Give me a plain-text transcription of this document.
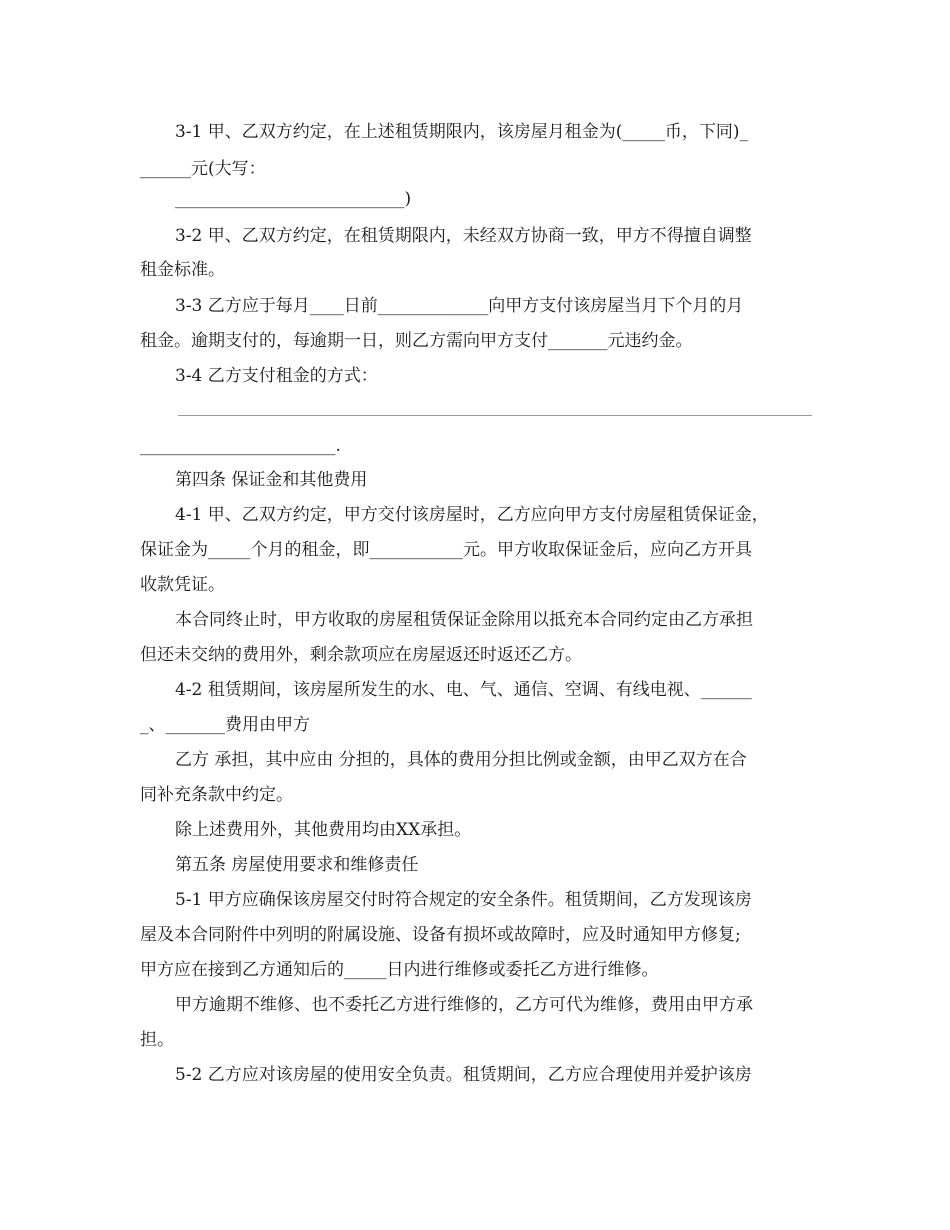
3-1 甲、乙双方约定，在上述租赁期限内，该房屋月租金为(_____币，下同)_

______元(大写：

___________________________)

3-2 甲、乙双方约定，在租赁期限内，未经双方协商一致，甲方不得擅自调整

租金标准。

3-3 乙方应于每月____日前_____________向甲方支付该房屋当月下个月的月

租金。逾期支付的，每逾期一日，则乙方需向甲方支付_______元违约金。

3-4 乙方支付租金的方式：

_______________________.

第四条 保证金和其他费用

4-1 甲、乙双方约定，甲方交付该房屋时，乙方应向甲方支付房屋租赁保证金，

保证金为_____个月的租金，即___________元。甲方收取保证金后，应向乙方开具

收款凭证。

本合同终止时，甲方收取的房屋租赁保证金除用以抵充本合同约定由乙方承担

但还未交纳的费用外，剩余款项应在房屋返还时返还乙方。

4-2 租赁期间，该房屋所发生的水、电、气、通信、空调、有线电视、______

_、_______费用由甲方

乙方 承担，其中应由 分担的，具体的费用分担比例或金额，由甲乙双方在合

同补充条款中约定。

除上述费用外，其他费用均由XX承担。

第五条 房屋使用要求和维修责任

5-1 甲方应确保该房屋交付时符合规定的安全条件。租赁期间，乙方发现该房

屋及本合同附件中列明的附属设施、设备有损坏或故障时，应及时通知甲方修复;

甲方应在接到乙方通知后的_____日内进行维修或委托乙方进行维修。

甲方逾期不维修、也不委托乙方进行维修的，乙方可代为维修，费用由甲方承

担。

5-2 乙方应对该房屋的使用安全负责。租赁期间，乙方应合理使用并爱护该房
